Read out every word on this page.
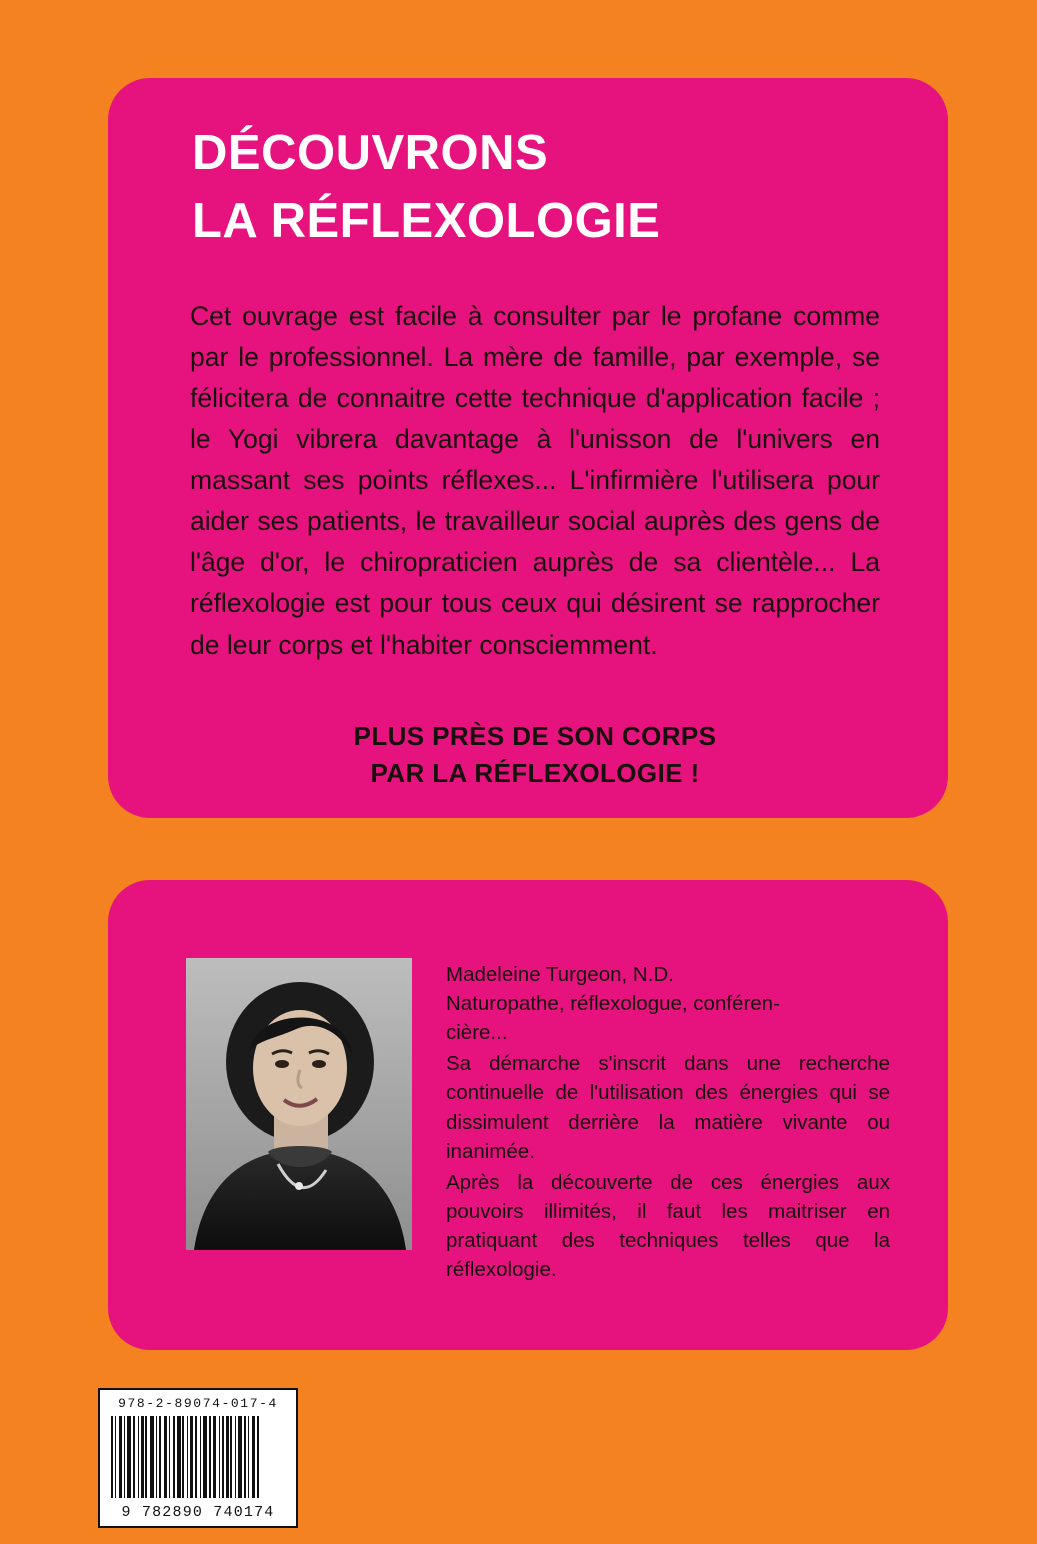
DÉCOUVRONS
LA RÉFLEXOLOGIE
Cet ouvrage est facile à consulter par le profane comme par le professionnel. La mère de famille, par exemple, se félicitera de connaitre cette technique d'application facile ; le Yogi vibrera davantage à l'unisson de l'univers en massant ses points réflexes... L'infirmière l'utilisera pour aider ses patients, le travailleur social auprès des gens de l'âge d'or, le chiropraticien auprès de sa clientèle... La réflexologie est pour tous ceux qui désirent se rapprocher de leur corps et l'habiter consciemment.
PLUS PRÈS DE SON CORPS
PAR LA RÉFLEXOLOGIE !
Madeleine Turgeon, N.D.
Naturopathe, réflexologue, conféren-
cière...

Sa démarche s'inscrit dans une recherche continuelle de l'utilisation des énergies qui se dissimulent derrière la matière vivante ou inanimée.

Après la découverte de ces énergies aux pouvoirs illimités, il faut les maitriser en pratiquant des techniques telles que la réflexologie.

978-2-89074-017-4
9 782890 740174
